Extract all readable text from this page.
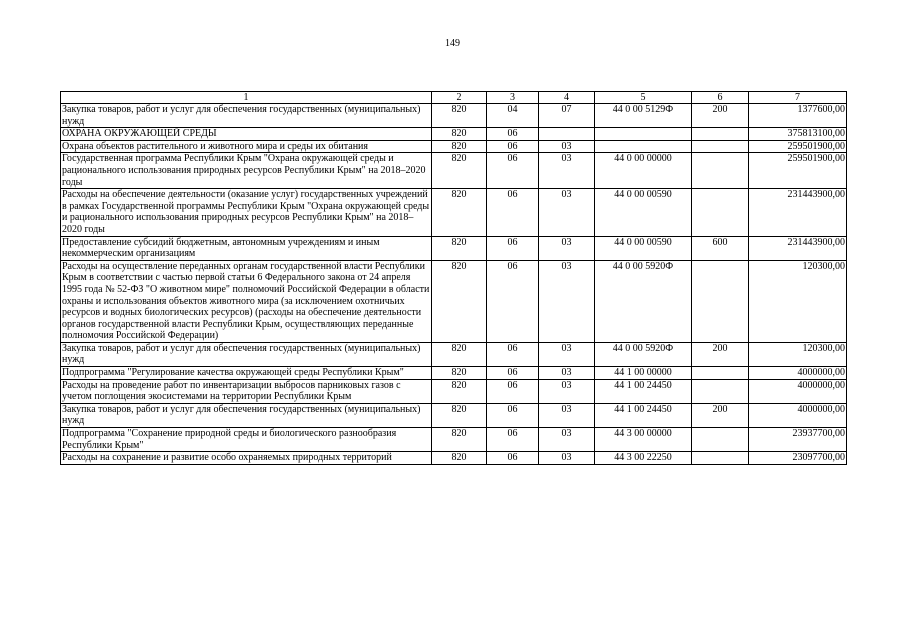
149
1	2	3	4	5	6	7
Закупка товаров, работ и услуг для обеспечения государственных (муниципальных) нужд	820	04	07	44 0 00 5129Ф	200	1377600,00
ОХРАНА ОКРУЖАЮЩЕЙ СРЕДЫ	820	06				375813100,00
Охрана объектов растительного и животного мира и среды их обитания	820	06	03			259501900,00
Государственная программа Республики Крым "Охрана окружающей среды и рационального использования природных ресурсов Республики Крым" на 2018–2020 годы	820	06	03	44 0 00 00000		259501900,00
Расходы на обеспечение деятельности (оказание услуг) государственных учреждений в рамках Государственной программы Республики Крым "Охрана окружающей среды и рационального использования природных ресурсов Республики Крым" на 2018–2020 годы	820	06	03	44 0 00 00590		231443900,00
Предоставление субсидий бюджетным, автономным учреждениям и иным некоммерческим организациям	820	06	03	44 0 00 00590	600	231443900,00
Расходы на осуществление переданных органам государственной власти Республики Крым в соответствии с частью первой статьи 6 Федерального закона от 24 апреля 1995 года № 52-ФЗ "О животном мире" полномочий Российской Федерации в области охраны и использования объектов животного мира (за исключением охотничьих ресурсов и водных биологических ресурсов) (расходы на обеспечение деятельности органов государственной власти Республики Крым, осуществляющих переданные полномочия Российской Федерации)	820	06	03	44 0 00 5920Ф		120300,00
Закупка товаров, работ и услуг для обеспечения государственных (муниципальных) нужд	820	06	03	44 0 00 5920Ф	200	120300,00
Подпрограмма "Регулирование качества окружающей среды Республики Крым"	820	06	03	44 1 00 00000		4000000,00
Расходы на проведение работ по инвентаризации выбросов парниковых газов с учетом поглощения экосистемами на территории Республики Крым	820	06	03	44 1 00 24450		4000000,00
Закупка товаров, работ и услуг для обеспечения государственных (муниципальных) нужд	820	06	03	44 1 00 24450	200	4000000,00
Подпрограмма "Сохранение природной среды и биологического разнообразия Республики Крым"	820	06	03	44 3 00 00000		23937700,00
Расходы на сохранение и развитие особо охраняемых природных территорий	820	06	03	44 3 00 22250		23097700,00
